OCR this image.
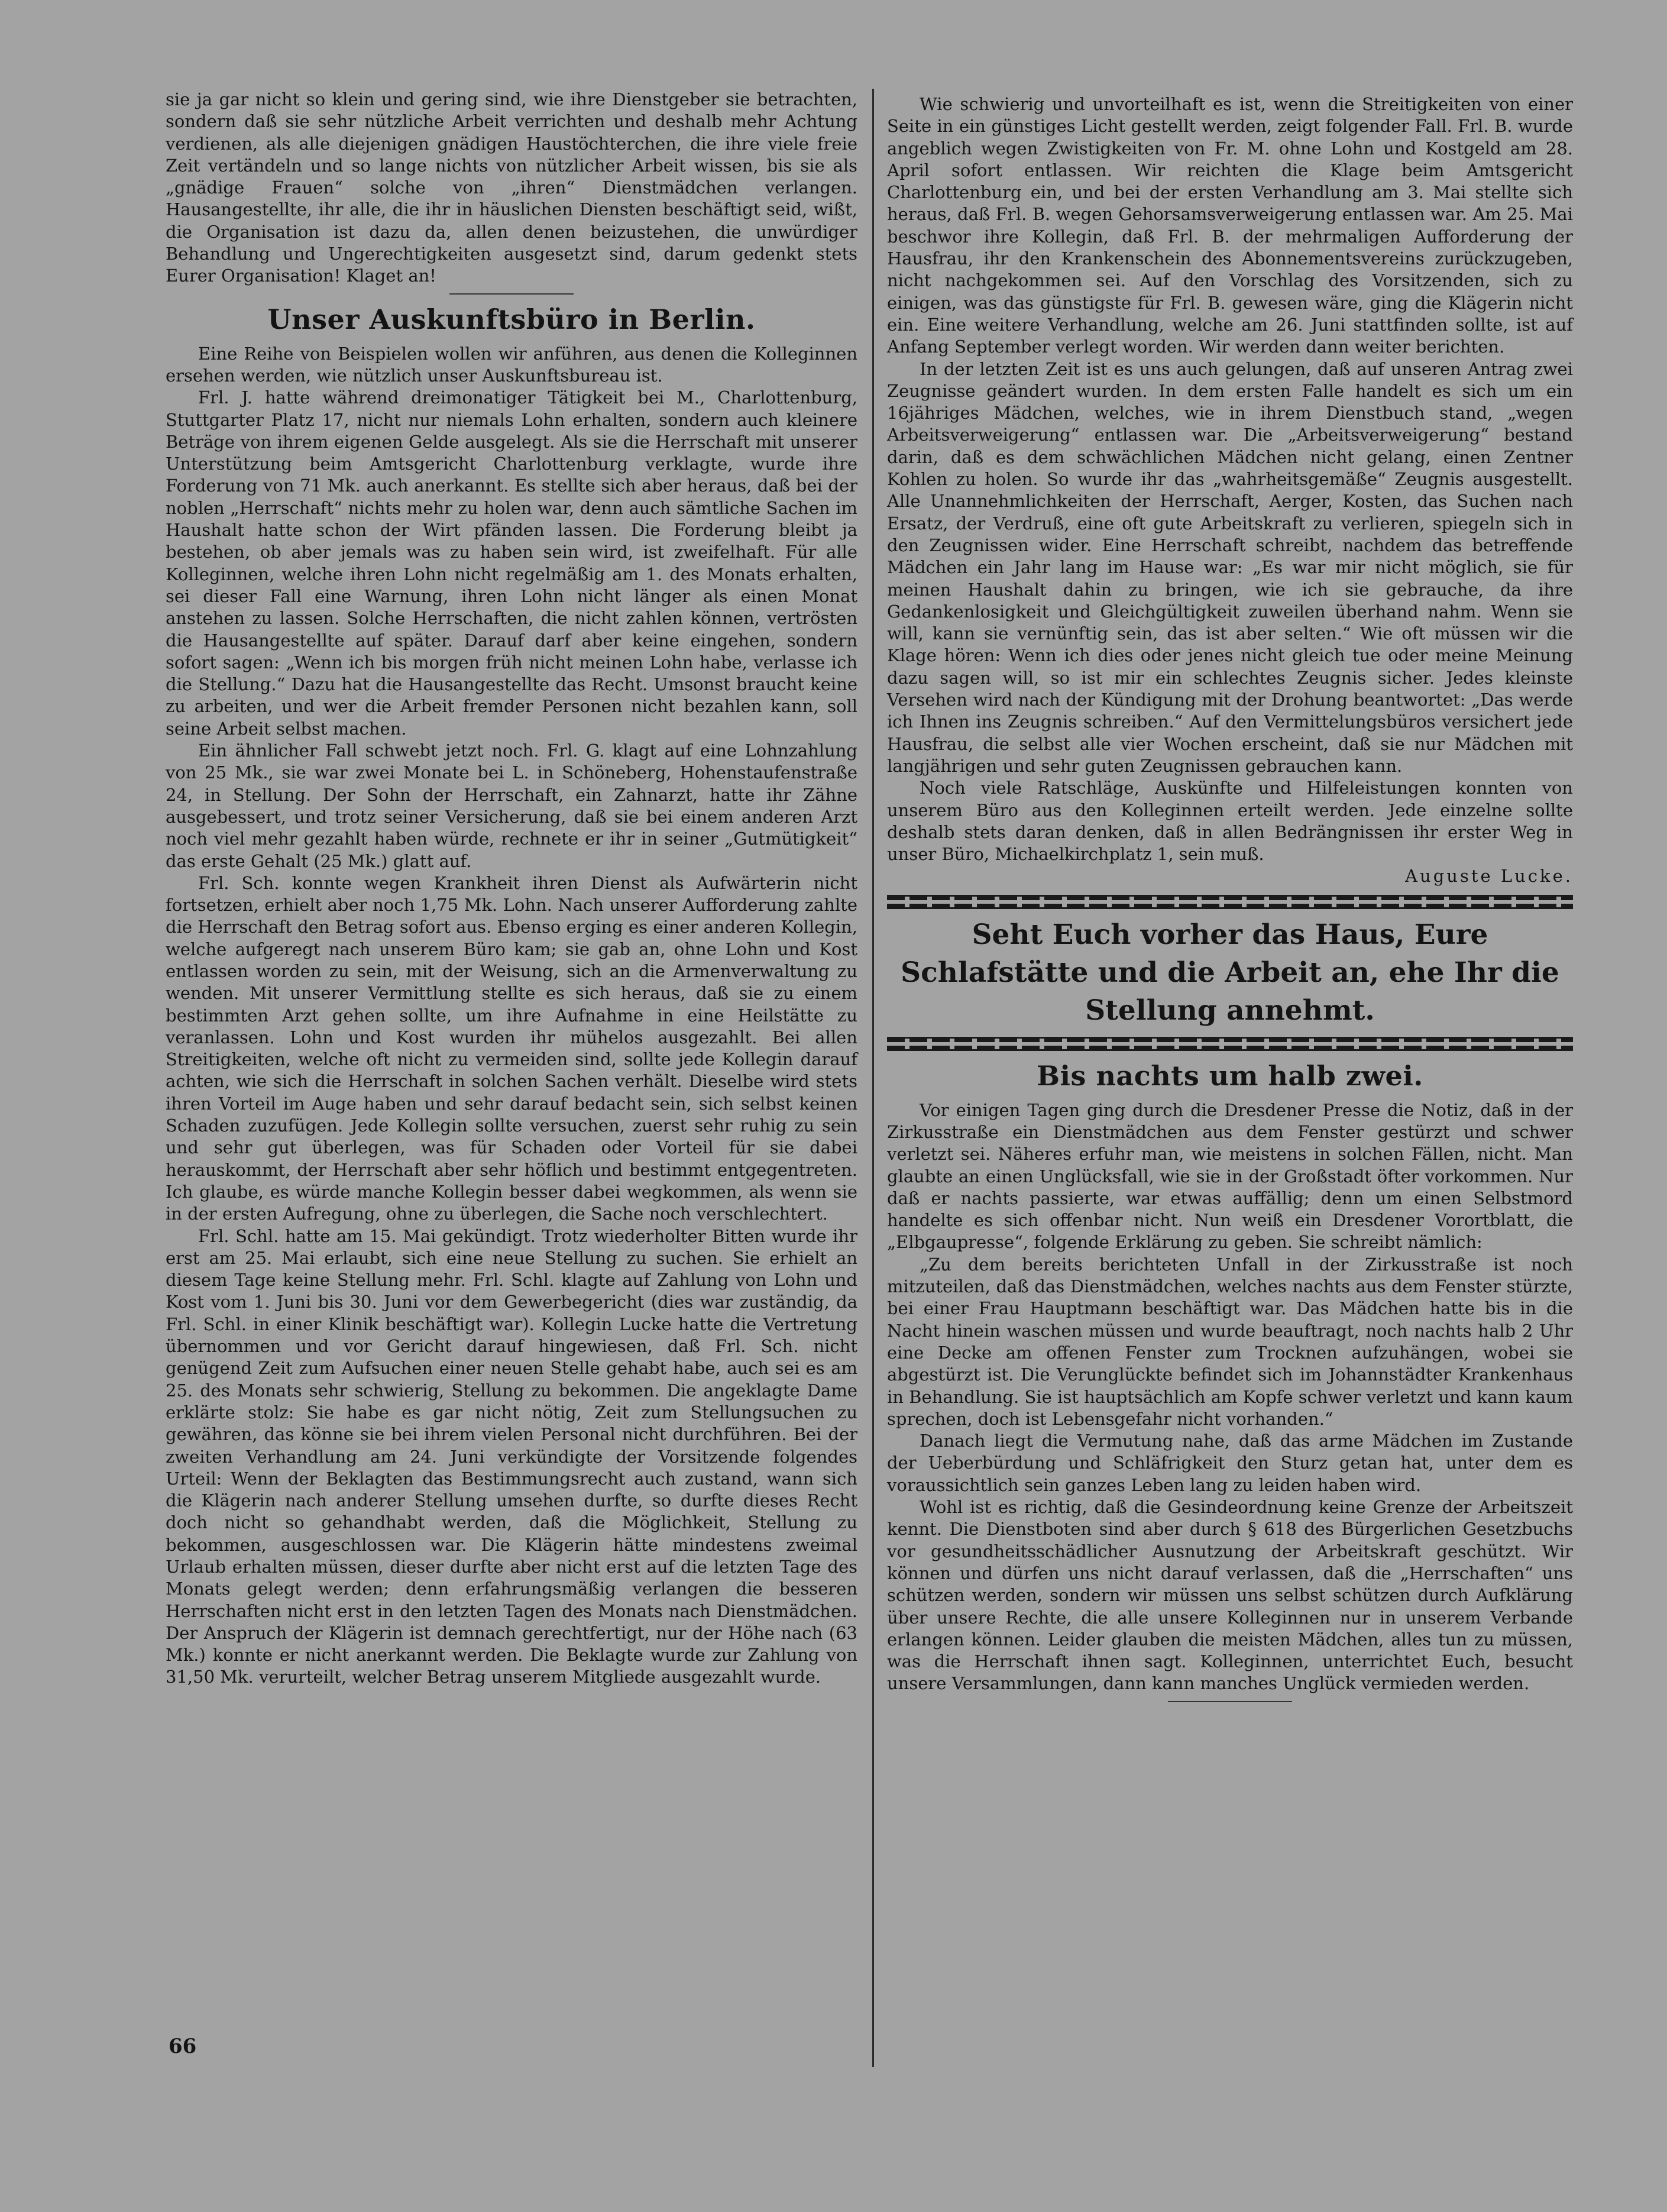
sie ja gar nicht so klein und gering sind, wie ihre Dienstgeber sie betrachten, sondern daß sie sehr nützliche Arbeit verrichten und deshalb mehr Achtung verdienen, als alle diejenigen gnädigen Haustöchterchen, die ihre viele freie Zeit vertändeln und so lange nichts von nützlicher Arbeit wissen, bis sie als „gnädige Frauen“ solche von „ihren“ Dienstmädchen verlangen. Hausangestellte, ihr alle, die ihr in häuslichen Diensten beschäftigt seid, wißt, die Organisation ist dazu da, allen denen beizustehen, die unwürdiger Behandlung und Ungerechtigkeiten ausgesetzt sind, darum gedenkt stets Eurer Organisation! Klaget an!

Unser Auskunftsbüro in Berlin.

Eine Reihe von Beispielen wollen wir anführen, aus denen die Kolleginnen ersehen werden, wie nützlich unser Auskunftsbureau ist.

Frl. J. hatte während dreimonatiger Tätigkeit bei M., Charlottenburg, Stuttgarter Platz 17, nicht nur niemals Lohn erhalten, sondern auch kleinere Beträge von ihrem eigenen Gelde ausgelegt. Als sie die Herrschaft mit unserer Unterstützung beim Amtsgericht Charlottenburg verklagte, wurde ihre Forderung von 71 Mk. auch anerkannt. Es stellte sich aber heraus, daß bei der noblen „Herrschaft“ nichts mehr zu holen war, denn auch sämtliche Sachen im Haushalt hatte schon der Wirt pfänden lassen. Die Forderung bleibt ja bestehen, ob aber jemals was zu haben sein wird, ist zweifelhaft. Für alle Kolleginnen, welche ihren Lohn nicht regelmäßig am 1. des Monats erhalten, sei dieser Fall eine Warnung, ihren Lohn nicht länger als einen Monat anstehen zu lassen. Solche Herrschaften, die nicht zahlen können, vertrösten die Hausangestellte auf später. Darauf darf aber keine eingehen, sondern sofort sagen: „Wenn ich bis morgen früh nicht meinen Lohn habe, verlasse ich die Stellung.“ Dazu hat die Hausangestellte das Recht. Umsonst braucht keine zu arbeiten, und wer die Arbeit fremder Personen nicht bezahlen kann, soll seine Arbeit selbst machen.

Ein ähnlicher Fall schwebt jetzt noch. Frl. G. klagt auf eine Lohnzahlung von 25 Mk., sie war zwei Monate bei L. in Schöneberg, Hohenstaufenstraße 24, in Stellung. Der Sohn der Herrschaft, ein Zahnarzt, hatte ihr Zähne ausgebessert, und trotz seiner Versicherung, daß sie bei einem anderen Arzt noch viel mehr gezahlt haben würde, rechnete er ihr in seiner „Gutmütigkeit“ das erste Gehalt (25 Mk.) glatt auf.

Frl. Sch. konnte wegen Krankheit ihren Dienst als Aufwärterin nicht fortsetzen, erhielt aber noch 1,75 Mk. Lohn. Nach unserer Aufforderung zahlte die Herrschaft den Betrag sofort aus. Ebenso erging es einer anderen Kollegin, welche aufgeregt nach unserem Büro kam; sie gab an, ohne Lohn und Kost entlassen worden zu sein, mit der Weisung, sich an die Armenverwaltung zu wenden. Mit unserer Vermittlung stellte es sich heraus, daß sie zu einem bestimmten Arzt gehen sollte, um ihre Aufnahme in eine Heilstätte zu veranlassen. Lohn und Kost wurden ihr mühelos ausgezahlt. Bei allen Streitigkeiten, welche oft nicht zu vermeiden sind, sollte jede Kollegin darauf achten, wie sich die Herrschaft in solchen Sachen verhält. Dieselbe wird stets ihren Vorteil im Auge haben und sehr darauf bedacht sein, sich selbst keinen Schaden zuzufügen. Jede Kollegin sollte versuchen, zuerst sehr ruhig zu sein und sehr gut überlegen, was für Schaden oder Vorteil für sie dabei herauskommt, der Herrschaft aber sehr höflich und bestimmt entgegentreten. Ich glaube, es würde manche Kollegin besser dabei wegkommen, als wenn sie in der ersten Aufregung, ohne zu überlegen, die Sache noch verschlechtert.

Frl. Schl. hatte am 15. Mai gekündigt. Trotz wiederholter Bitten wurde ihr erst am 25. Mai erlaubt, sich eine neue Stellung zu suchen. Sie erhielt an diesem Tage keine Stellung mehr. Frl. Schl. klagte auf Zahlung von Lohn und Kost vom 1. Juni bis 30. Juni vor dem Gewerbegericht (dies war zuständig, da Frl. Schl. in einer Klinik beschäftigt war). Kollegin Lucke hatte die Vertretung übernommen und vor Gericht darauf hingewiesen, daß Frl. Sch. nicht genügend Zeit zum Aufsuchen einer neuen Stelle gehabt habe, auch sei es am 25. des Monats sehr schwierig, Stellung zu bekommen. Die angeklagte Dame erklärte stolz: Sie habe es gar nicht nötig, Zeit zum Stellungsuchen zu gewähren, das könne sie bei ihrem vielen Personal nicht durchführen. Bei der zweiten Verhandlung am 24. Juni verkündigte der Vorsitzende folgendes Urteil: Wenn der Beklagten das Bestimmungsrecht auch zustand, wann sich die Klägerin nach anderer Stellung umsehen durfte, so durfte dieses Recht doch nicht so gehandhabt werden, daß die Möglichkeit, Stellung zu bekommen, ausgeschlossen war. Die Klägerin hätte mindestens zweimal Urlaub erhalten müssen, dieser durfte aber nicht erst auf die letzten Tage des Monats gelegt werden; denn erfahrungsmäßig verlangen die besseren Herrschaften nicht erst in den letzten Tagen des Monats nach Dienstmädchen. Der Anspruch der Klägerin ist demnach gerechtfertigt, nur der Höhe nach (63 Mk.) konnte er nicht anerkannt werden. Die Beklagte wurde zur Zahlung von 31,50 Mk. verurteilt, welcher Betrag unserem Mitgliede ausgezahlt wurde.

Wie schwierig und unvorteilhaft es ist, wenn die Streitigkeiten von einer Seite in ein günstiges Licht gestellt werden, zeigt folgender Fall. Frl. B. wurde angeblich wegen Zwistigkeiten von Fr. M. ohne Lohn und Kostgeld am 28. April sofort entlassen. Wir reichten die Klage beim Amtsgericht Charlottenburg ein, und bei der ersten Verhandlung am 3. Mai stellte sich heraus, daß Frl. B. wegen Gehorsamsverweigerung entlassen war. Am 25. Mai beschwor ihre Kollegin, daß Frl. B. der mehrmaligen Aufforderung der Hausfrau, ihr den Krankenschein des Abonnementsvereins zurückzugeben, nicht nachgekommen sei. Auf den Vorschlag des Vorsitzenden, sich zu einigen, was das günstigste für Frl. B. gewesen wäre, ging die Klägerin nicht ein. Eine weitere Verhandlung, welche am 26. Juni stattfinden sollte, ist auf Anfang September verlegt worden. Wir werden dann weiter berichten.

In der letzten Zeit ist es uns auch gelungen, daß auf unseren Antrag zwei Zeugnisse geändert wurden. In dem ersten Falle handelt es sich um ein 16jähriges Mädchen, welches, wie in ihrem Dienstbuch stand, „wegen Arbeitsverweigerung“ entlassen war. Die „Arbeitsverweigerung“ bestand darin, daß es dem schwächlichen Mädchen nicht gelang, einen Zentner Kohlen zu holen. So wurde ihr das „wahrheitsgemäße“ Zeugnis ausgestellt. Alle Unannehmlichkeiten der Herrschaft, Aerger, Kosten, das Suchen nach Ersatz, der Verdruß, eine oft gute Arbeitskraft zu verlieren, spiegeln sich in den Zeugnissen wider. Eine Herrschaft schreibt, nachdem das betreffende Mädchen ein Jahr lang im Hause war: „Es war mir nicht möglich, sie für meinen Haushalt dahin zu bringen, wie ich sie gebrauche, da ihre Gedankenlosigkeit und Gleichgültigkeit zuweilen überhand nahm. Wenn sie will, kann sie vernünftig sein, das ist aber selten.“ Wie oft müssen wir die Klage hören: Wenn ich dies oder jenes nicht gleich tue oder meine Meinung dazu sagen will, so ist mir ein schlechtes Zeugnis sicher. Jedes kleinste Versehen wird nach der Kündigung mit der Drohung beantwortet: „Das werde ich Ihnen ins Zeugnis schreiben.“ Auf den Vermittelungsbüros versichert jede Hausfrau, die selbst alle vier Wochen erscheint, daß sie nur Mädchen mit langjährigen und sehr guten Zeugnissen gebrauchen kann.

Noch viele Ratschläge, Auskünfte und Hilfeleistungen konnten von unserem Büro aus den Kolleginnen erteilt werden. Jede einzelne sollte deshalb stets daran denken, daß in allen Bedrängnissen ihr erster Weg in unser Büro, Michaelkirchplatz 1, sein muß.

Auguste Lucke.
Seht Euch vorher das Haus, Eure Schlafstätte und die Arbeit an, ehe Ihr die Stellung annehmt.
Bis nachts um halb zwei.

Vor einigen Tagen ging durch die Dresdener Presse die Notiz, daß in der Zirkusstraße ein Dienstmädchen aus dem Fenster gestürzt und schwer verletzt sei. Näheres erfuhr man, wie meistens in solchen Fällen, nicht. Man glaubte an einen Unglücksfall, wie sie in der Großstadt öfter vorkommen. Nur daß er nachts passierte, war etwas auffällig; denn um einen Selbstmord handelte es sich offenbar nicht. Nun weiß ein Dresdener Vorortblatt, die „Elbgaupresse“, folgende Erklärung zu geben. Sie schreibt nämlich:

„Zu dem bereits berichteten Unfall in der Zirkusstraße ist noch mitzuteilen, daß das Dienstmädchen, welches nachts aus dem Fenster stürzte, bei einer Frau Hauptmann beschäftigt war. Das Mädchen hatte bis in die Nacht hinein waschen müssen und wurde beauftragt, noch nachts halb 2 Uhr eine Decke am offenen Fenster zum Trocknen aufzuhängen, wobei sie abgestürzt ist. Die Verunglückte befindet sich im Johannstädter Krankenhaus in Behandlung. Sie ist hauptsächlich am Kopfe schwer verletzt und kann kaum sprechen, doch ist Lebensgefahr nicht vorhanden.“

Danach liegt die Vermutung nahe, daß das arme Mädchen im Zustande der Ueberbürdung und Schläfrigkeit den Sturz getan hat, unter dem es voraussichtlich sein ganzes Leben lang zu leiden haben wird.

Wohl ist es richtig, daß die Gesindeordnung keine Grenze der Arbeitszeit kennt. Die Dienstboten sind aber durch § 618 des Bürgerlichen Gesetzbuchs vor gesundheitsschädlicher Ausnutzung der Arbeitskraft geschützt. Wir können und dürfen uns nicht darauf verlassen, daß die „Herrschaften“ uns schützen werden, sondern wir müssen uns selbst schützen durch Aufklärung über unsere Rechte, die alle unsere Kolleginnen nur in unserem Verbande erlangen können. Leider glauben die meisten Mädchen, alles tun zu müssen, was die Herrschaft ihnen sagt. Kolleginnen, unterrichtet Euch, besucht unsere Versammlungen, dann kann manches Unglück vermieden werden.

66
